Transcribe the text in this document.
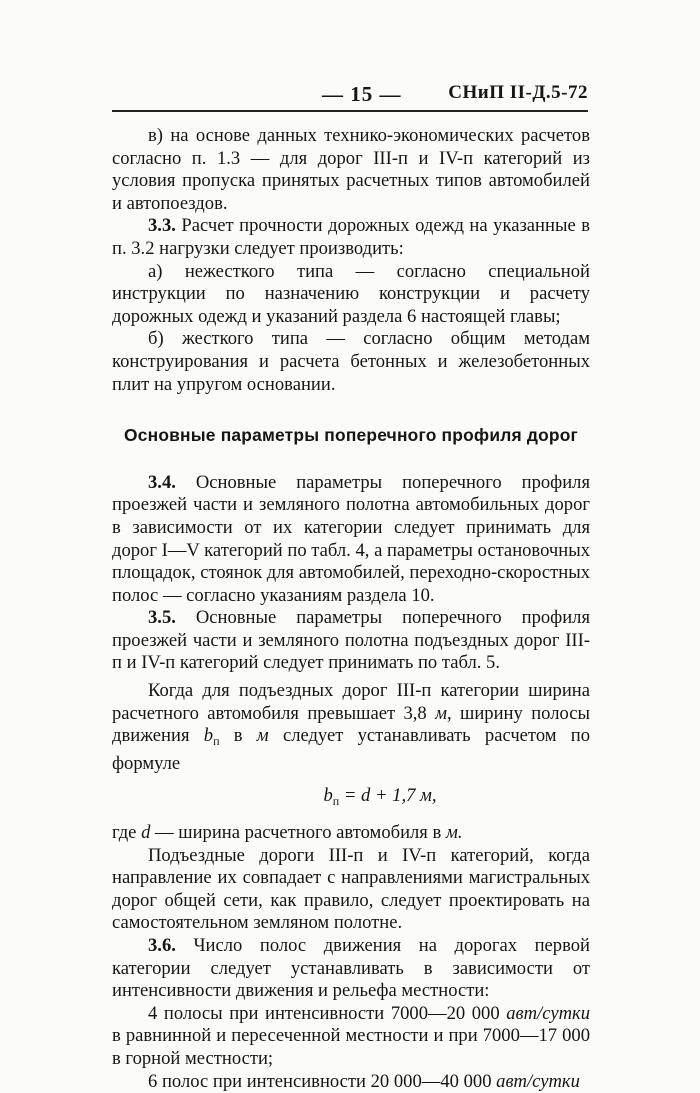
— 15 — СНиП II-Д.5-72

в) на основе данных технико-экономических расчетов согласно п. 1.3 — для дорог III-п и IV-п категорий из условия пропуска принятых расчетных типов автомобилей и автопоездов.

3.3. Расчет прочности дорожных одежд на указанные в п. 3.2 нагрузки следует производить:

а) нежесткого типа — согласно специальной инструкции по назначению конструкции и расчету дорожных одежд и указаний раздела 6 настоящей главы;

б) жесткого типа — согласно общим методам конструирования и расчета бетонных и железобетонных плит на упругом основании.

Основные параметры поперечного профиля дорог

3.4. Основные параметры поперечного профиля проезжей части и земляного полотна автомобильных дорог в зависимости от их категории следует принимать для дорог I—V категорий по табл. 4, а параметры остановочных площадок, стоянок для автомобилей, переходно-скоростных полос — согласно указаниям раздела 10.

3.5. Основные параметры поперечного профиля проезжей части и земляного полотна подъездных дорог III-п и IV-п категорий следует принимать по табл. 5.

Когда для подъездных дорог III-п категории ширина расчетного автомобиля превышает 3,8 м, ширину полосы движения $b_п$ в м следует устанавливать расчетом по формуле

$b_п = d + 1,7$ м,

где d — ширина расчетного автомобиля в м.

Подъездные дороги III-п и IV-п категорий, когда направление их совпадает с направлениями магистральных дорог общей сети, как правило, следует проектировать на самостоятельном земляном полотне.

3.6. Число полос движения на дорогах первой категории следует устанавливать в зависимости от интенсивности движения и рельефа местности:

4 полосы при интенсивности 7000—20 000 авт/сутки в равнинной и пересеченной местности и при 7000—17 000 в горной местности;

6 полос при интенсивности 20 000—40 000 авт/сутки
